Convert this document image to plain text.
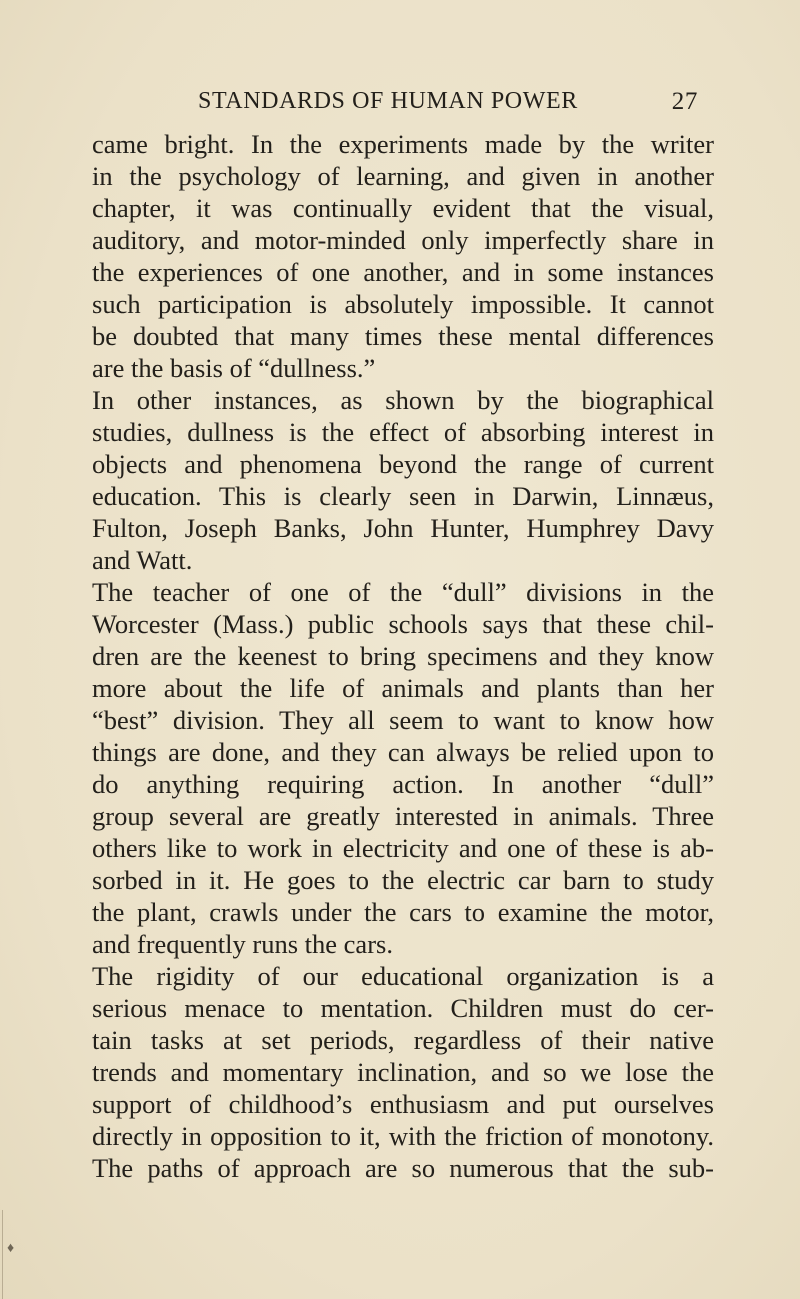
STANDARDS OF HUMAN POWER	27
came bright. In the experiments made by the writer
in the psychology of learning, and given in another
chapter, it was continually evident that the visual,
auditory, and motor-minded only imperfectly share in
the experiences of one another, and in some instances
such participation is absolutely impossible. It cannot
be doubted that many times these mental differences
are the basis of “dullness.”
In other instances, as shown by the biographical
studies, dullness is the effect of absorbing interest in
objects and phenomena beyond the range of current
education. This is clearly seen in Darwin, Linnæus,
Fulton, Joseph Banks, John Hunter, Humphrey Davy
and Watt.
The teacher of one of the “dull” divisions in the
Worcester (Mass.) public schools says that these chil-
dren are the keenest to bring specimens and they know
more about the life of animals and plants than her
“best” division. They all seem to want to know how
things are done, and they can always be relied upon to
do anything requiring action. In another “dull”
group several are greatly interested in animals. Three
others like to work in electricity and one of these is ab-
sorbed in it. He goes to the electric car barn to study
the plant, crawls under the cars to examine the motor,
and frequently runs the cars.
The rigidity of our educational organization is a
serious menace to mentation. Children must do cer-
tain tasks at set periods, regardless of their native
trends and momentary inclination, and so we lose the
support of childhood’s enthusiasm and put ourselves
directly in opposition to it, with the friction of monotony.
The paths of approach are so numerous that the sub-
♦
